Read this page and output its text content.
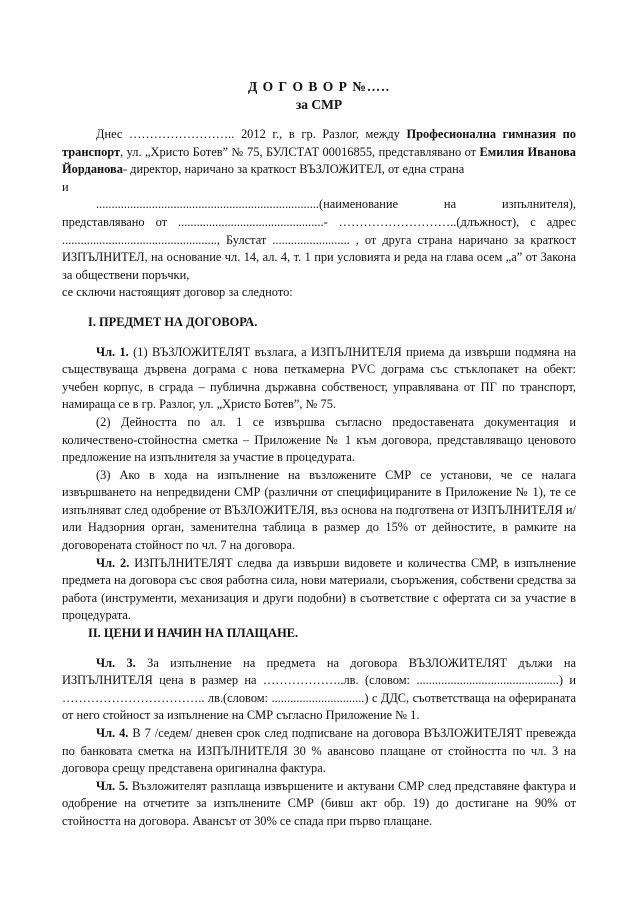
Д О Г О В О Р №…..
за СМР

Днес …………………….. 2012 г., в гр. Разлог, между Професионална гимназия по транспорт, ул. „Христо Ботев” № 75, БУЛСТАТ 00016855, представлявано от Емилия Иванова Йорданова- директор, наричано за краткост ВЪЗЛОЖИТЕЛ, от една страна

и

........................................................................(наименование на изпълнителя), представлявано от ...............................................- ………………………..(длъжност), с адрес .................................................., Булстат ......................... , от друга страна наричано за краткост ИЗПЪЛНИТЕЛ, на основание чл. 14, ал. 4, т. 1 при условията и реда на глава осем „а” от Закона за обществени поръчки,

се сключи настоящият договор за следното:

I. ПРЕДМЕТ НА ДОГОВОРА.

Чл. 1. (1) ВЪЗЛОЖИТЕЛЯТ възлага, а ИЗПЪЛНИТЕЛЯ приема да извърши подмяна на съществуваща дървена дограма с нова петкамерна PVC дограма със стъклопакет на обект: учебен корпус, в сграда – публична държавна собственост, управлявана от ПГ по транспорт, намираща се в гр. Разлог, ул. „Христо Ботев”, № 75.

(2) Дейността по ал. 1 се извършва съгласно предоставената документация и количествено-стойностна сметка – Приложение № 1 към договора, представляващо ценовото предложение на изпълнителя за участие в процедурата.

(3) Ако в хода на изпълнение на възложените СМР се установи, че се налага извършването на непредвидени СМР (различни от специфицираните в Приложение № 1), те се изпълняват след одобрение от ВЪЗЛОЖИТЕЛЯ, въз основа на подготвена от ИЗПЪЛНИТЕЛЯ и/или Надзорния орган, заменителна таблица в размер до 15% от дейностите, в рамките на договорената стойност по чл. 7 на договора.

Чл. 2. ИЗПЪЛНИТЕЛЯТ следва да извърши видовете и количества СМР, в изпълнение предмета на договора със своя работна сила, нови материали, съоръжения, собствени средства за работа (инструменти, механизация и други подобни) в съответствие с офертата си за участие в процедурата.

II. ЦЕНИ И НАЧИН НА ПЛАЩАНЕ.

Чл. 3. За изпълнение на предмета на договора ВЪЗЛОЖИТЕЛЯТ дължи на ИЗПЪЛНИТЕЛЯ цена в размер на ………………..лв. (словом: ..............................................) и …………………………….. лв.(словом: ..............................) с ДДС, съответстваща на оферираната от него стойност за изпълнение на СМР съгласно Приложение № 1.

Чл. 4. В 7 /седем/ дневен срок след подписване на договора ВЪЗЛОЖИТЕЛЯТ превежда по банковата сметка на ИЗПЪЛНИТЕЛЯ 30 % авансово плащане от стойността по чл. 3 на договора срещу представена оригинална фактура.

Чл. 5. Възложителят разплаща извършените и актувани СМР след представяне фактура и одобрение на отчетите за изпълнените СМР (бивш акт обр. 19) до достигане на 90% от стойността на договора. Авансът от 30% се спада при първо плащане.
